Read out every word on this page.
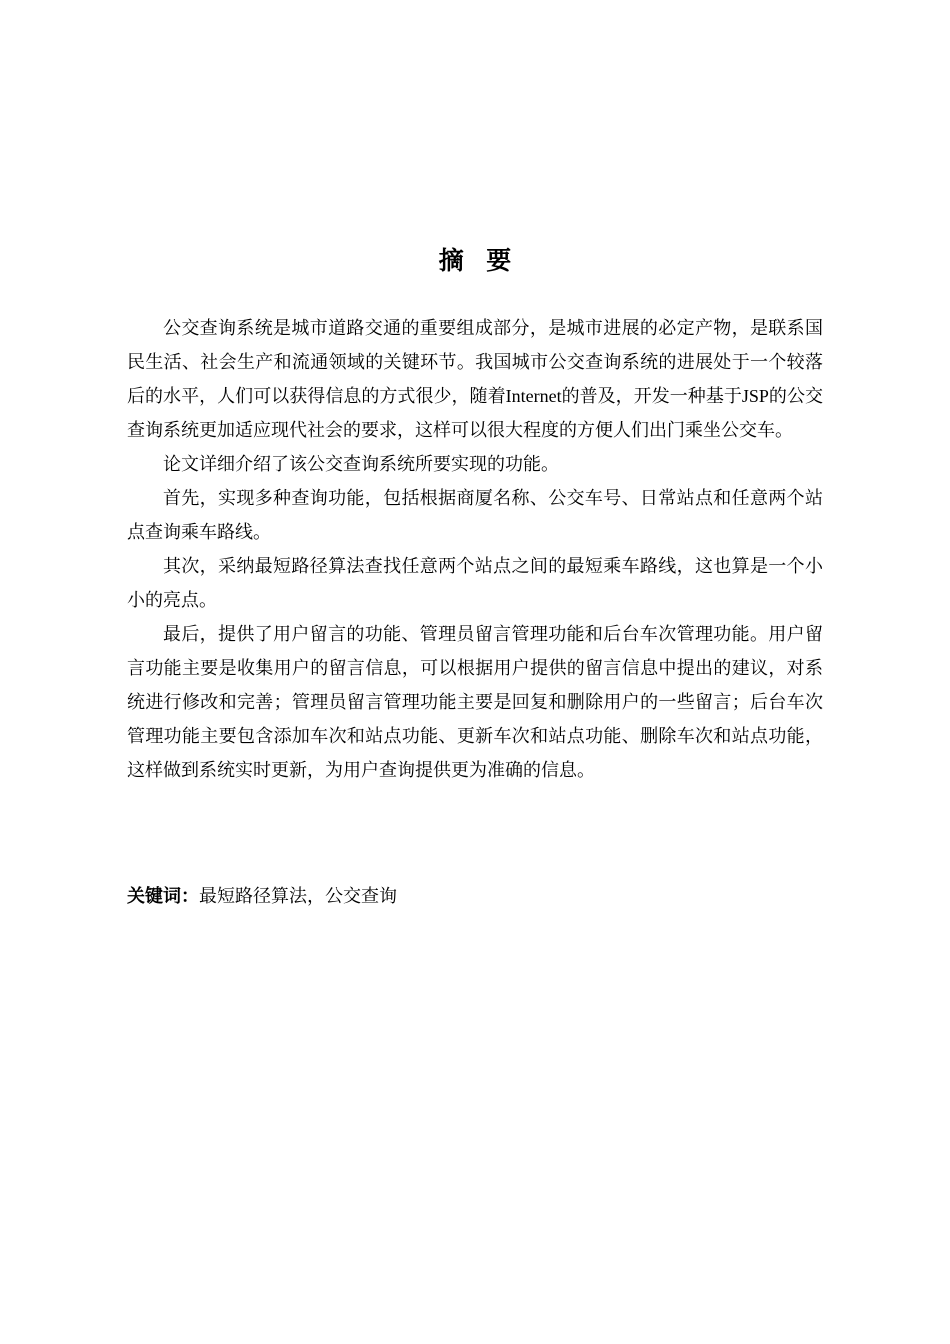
摘要

公交查询系统是城市道路交通的重要组成部分，是城市进展的必定产物，是联系国民生活、社会生产和流通领域的关键环节。我国城市公交查询系统的进展处于一个较落后的水平，人们可以获得信息的方式很少，随着Internet的普及，开发一种基于JSP的公交查询系统更加适应现代社会的要求，这样可以很大程度的方便人们出门乘坐公交车。

论文详细介绍了该公交查询系统所要实现的功能。

首先，实现多种查询功能，包括根据商厦名称、公交车号、日常站点和任意两个站点查询乘车路线。

其次，采纳最短路径算法查找任意两个站点之间的最短乘车路线，这也算是一个小小的亮点。

最后，提供了用户留言的功能、管理员留言管理功能和后台车次管理功能。用户留言功能主要是收集用户的留言信息，可以根据用户提供的留言信息中提出的建议，对系统进行修改和完善；管理员留言管理功能主要是回复和删除用户的一些留言；后台车次管理功能主要包含添加车次和站点功能、更新车次和站点功能、删除车次和站点功能，这样做到系统实时更新，为用户查询提供更为准确的信息。

关键词：最短路径算法，公交查询
